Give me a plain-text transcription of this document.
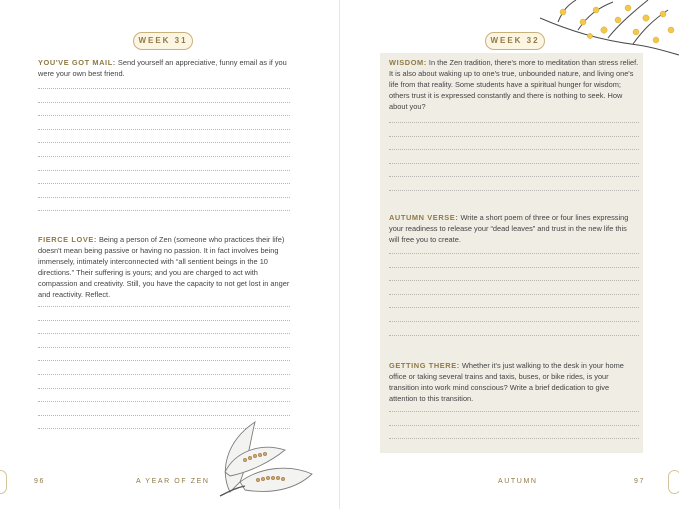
WEEK 31
YOU'VE GOT MAIL: Send yourself an appreciative, funny email as if you were your own best friend.
FIERCE LOVE: Being a person of Zen (someone who practices their life) doesn't mean being passive or having no passion. It in fact involves being immensely, intimately interconnected with “all sentient beings in the 10 directions.” Their suffering is yours; and you are charged to act with compassion and creativity. Still, you have the capacity to not get lost in anger and reactivity. Reflect.
96	A YEAR OF ZEN
WEEK 32
WISDOM: In the Zen tradition, there's more to meditation than stress relief. It is also about waking up to one's true, unbounded nature, and living one's life from that reality. Some students have a spiritual hunger for wisdom; others trust it is expressed constantly and there is nothing to seek. How about you?
AUTUMN VERSE: Write a short poem of three or four lines expressing your readiness to release your “dead leaves” and trust in the new life this will free you to create.
GETTING THERE: Whether it's just walking to the desk in your home office or taking several trains and taxis, buses, or bike rides, is your transition into work mind conscious? Write a brief dedication to give attention to this transition.
AUTUMN	97
